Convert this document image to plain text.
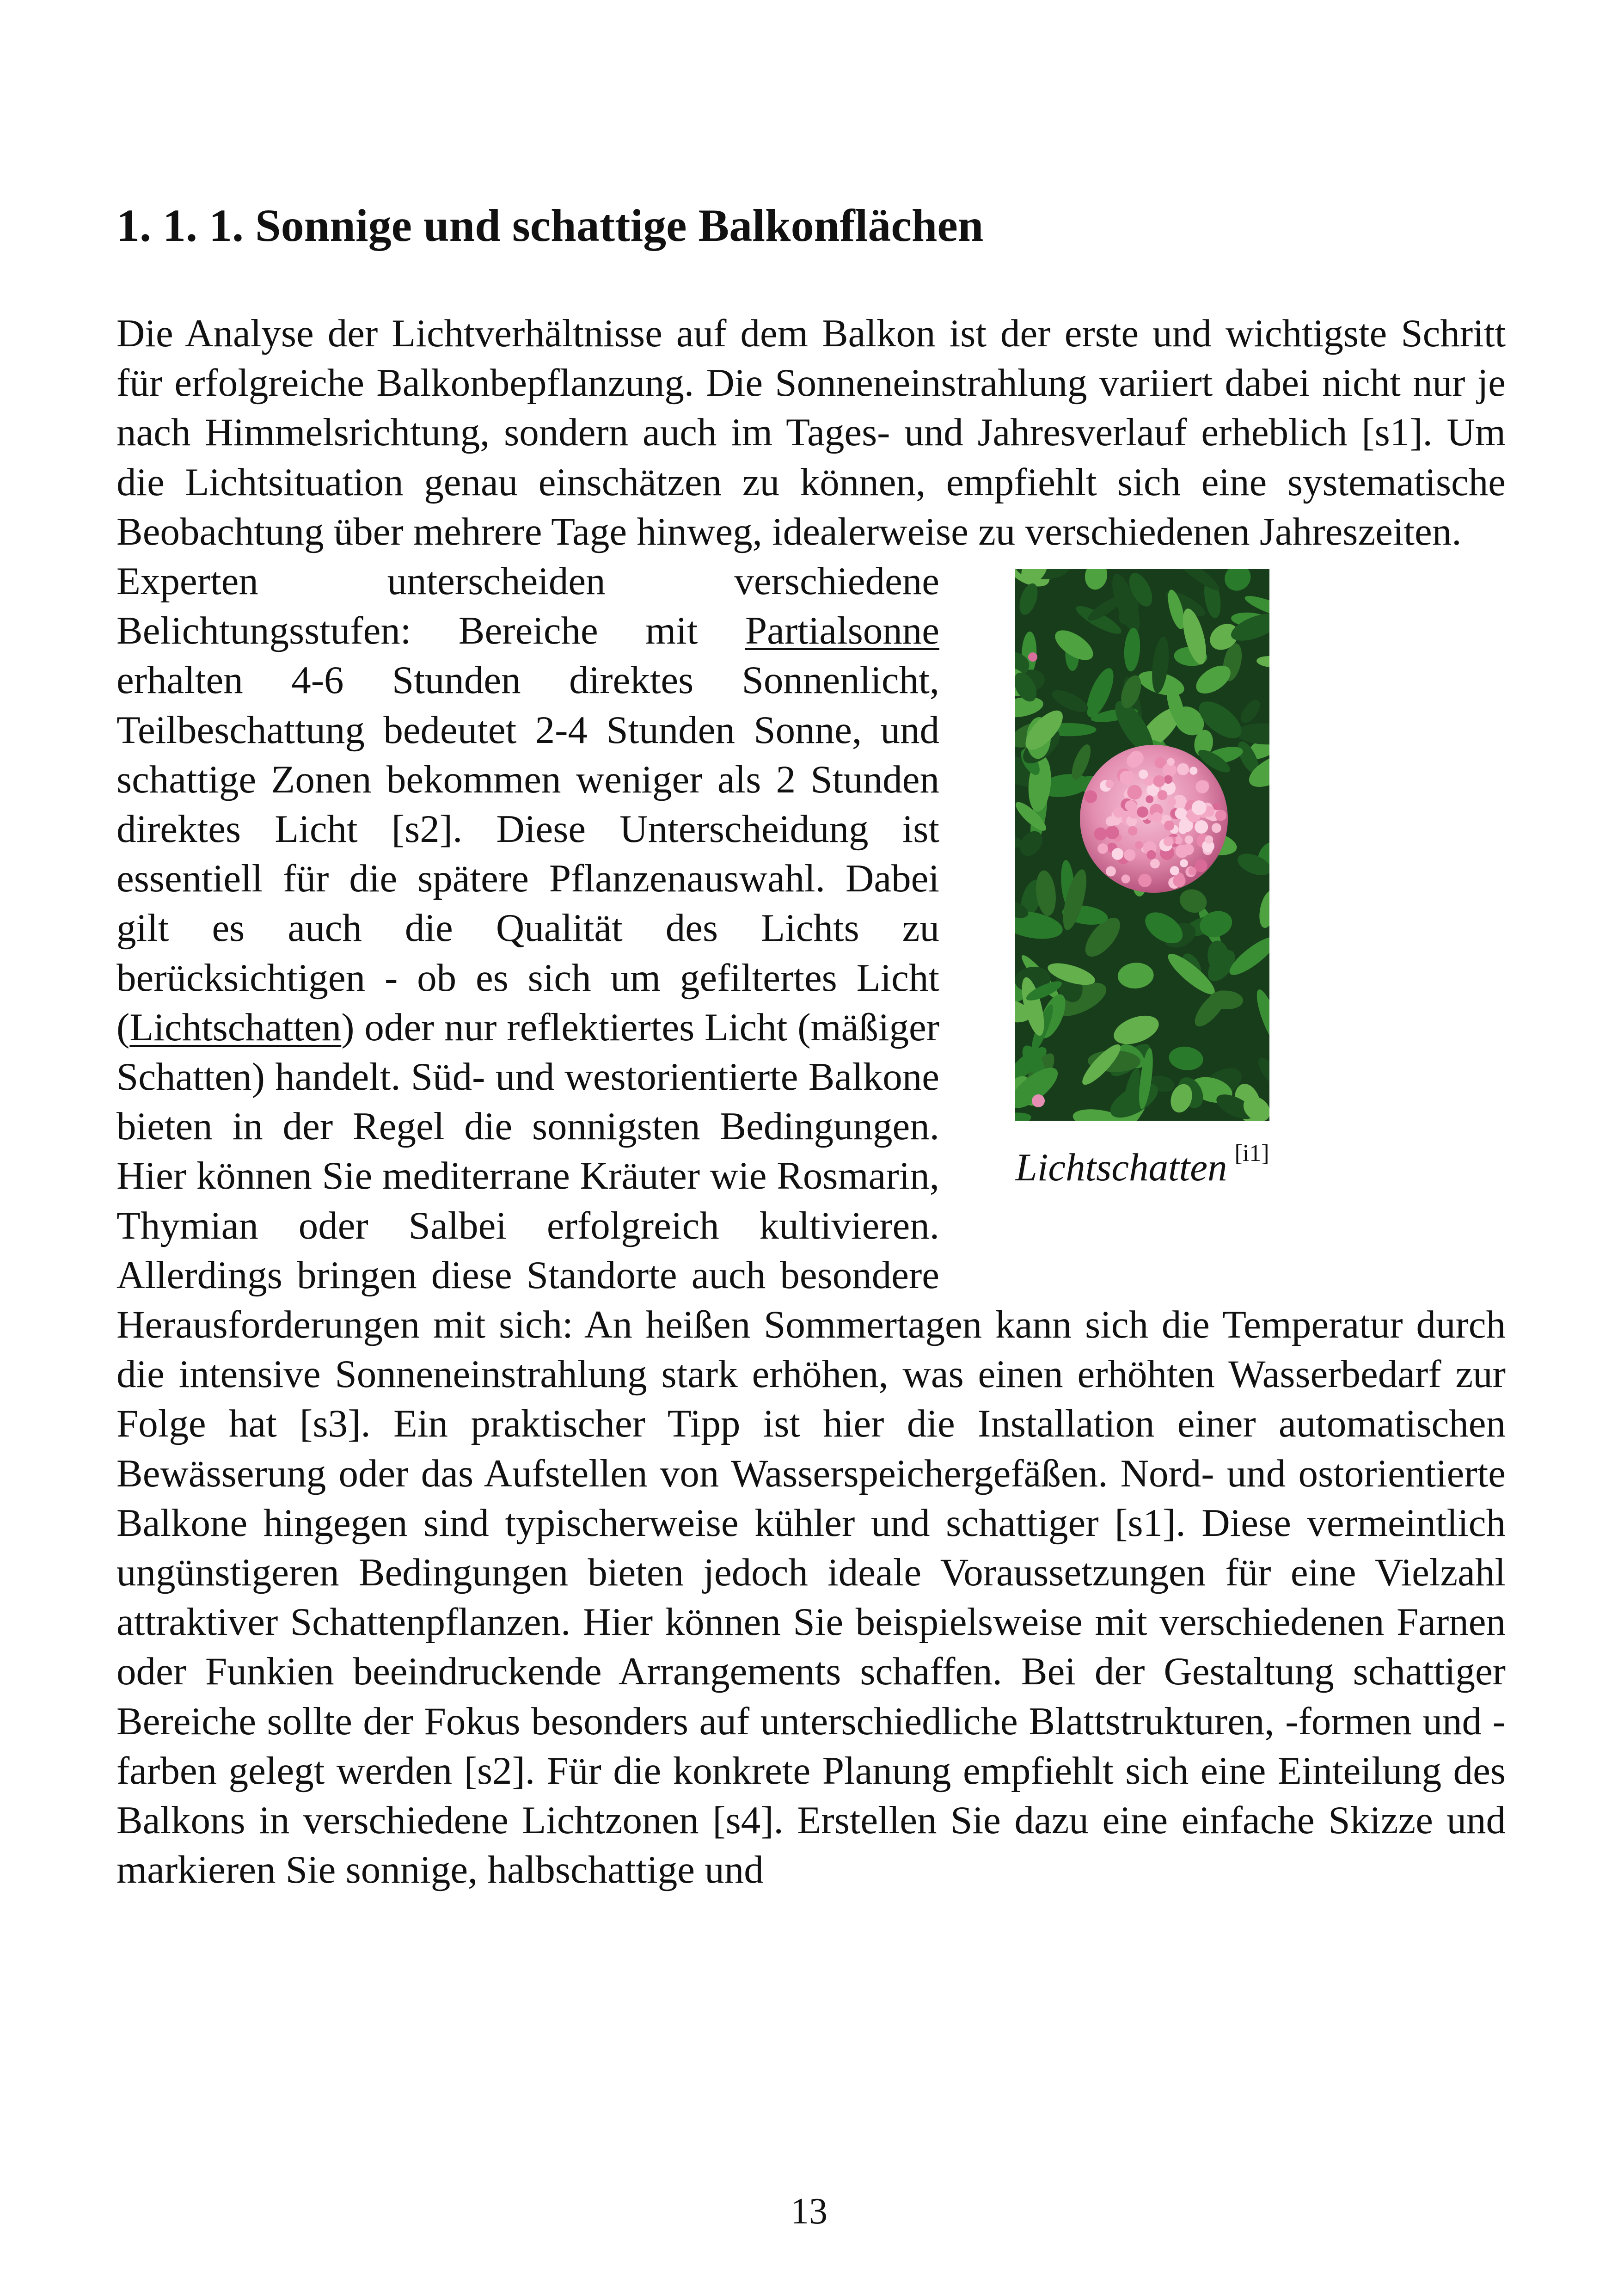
1. 1. 1. Sonnige und schattige Balkonflächen

Die Analyse der Lichtverhältnisse auf dem Balkon ist der erste und wichtigste Schritt für erfolgreiche Balkonbepflanzung. Die Sonneneinstrahlung variiert dabei nicht nur je nach Himmelsrichtung, sondern auch im Tages- und Jahresverlauf erheblich [s1]. Um die Lichtsituation genau einschätzen zu können, empfiehlt sich eine systematische Beobachtung über mehrere Tage hinweg, idealerweise zu verschiedenen Jahreszeiten.

Lichtschatten [i1]

Experten unterscheiden verschiedene Belichtungsstufen: Bereiche mit Partialsonne erhalten 4-6 Stunden direktes Sonnenlicht, Teilbeschattung bedeutet 2-4 Stunden Sonne, und schattige Zonen bekommen weniger als 2 Stunden direktes Licht [s2]. Diese Unterscheidung ist essentiell für die spätere Pflanzenauswahl. Dabei gilt es auch die Qualität des Lichts zu berücksichtigen - ob es sich um gefiltertes Licht (Lichtschatten) oder nur reflektiertes Licht (mäßiger Schatten) handelt. Süd- und westorientierte Balkone bieten in der Regel die sonnigsten Bedingungen. Hier können Sie mediterrane Kräuter wie Rosmarin, Thymian oder Salbei erfolgreich kultivieren. Allerdings bringen diese Standorte auch besondere Herausforderungen mit sich: An heißen Sommertagen kann sich die Temperatur durch die intensive Sonneneinstrahlung stark erhöhen, was einen erhöhten Wasserbedarf zur Folge hat [s3]. Ein praktischer Tipp ist hier die Installation einer automatischen Bewässerung oder das Aufstellen von Wasserspeichergefäßen. Nord- und ostorientierte Balkone hingegen sind typischerweise kühler und schattiger [s1]. Diese vermeintlich ungünstigeren Bedingungen bieten jedoch ideale Voraussetzungen für eine Vielzahl attraktiver Schattenpflanzen. Hier können Sie beispielsweise mit verschiedenen Farnen oder Funkien beeindruckende Arrangements schaffen. Bei der Gestaltung schattiger Bereiche sollte der Fokus besonders auf unterschiedliche Blattstrukturen, -formen und -farben gelegt werden [s2]. Für die konkrete Planung empfiehlt sich eine Einteilung des Balkons in verschiedene Lichtzonen [s4]. Erstellen Sie dazu eine einfache Skizze und markieren Sie sonnige, halbschattige und

13
